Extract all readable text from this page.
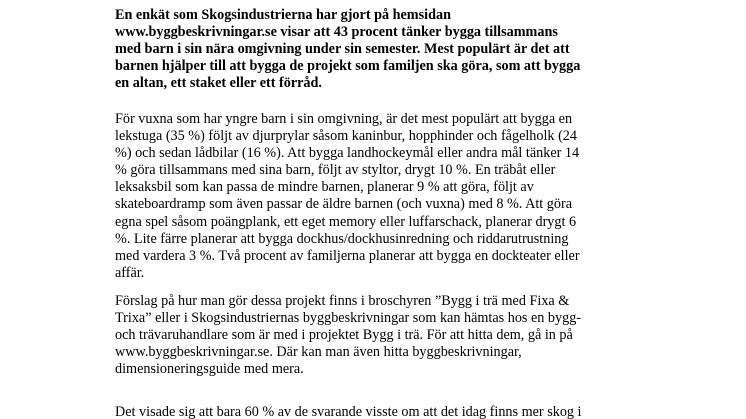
En enkät som Skogsindustrierna har gjort på hemsidan
www.byggbeskrivningar.se visar att 43 procent tänker bygga tillsammans
med barn i sin nära omgivning under sin semester. Mest populärt är det att
barnen hjälper till att bygga de projekt som familjen ska göra, som att bygga
en altan, ett staket eller ett förråd.

För vuxna som har yngre barn i sin omgivning, är det mest populärt att bygga en
lekstuga (35 %) följt av djurprylar såsom kaninbur, hopphinder och fågelholk (24
%) och sedan lådbilar (16 %). Att bygga landhockeymål eller andra mål tänker 14
% göra tillsammans med sina barn, följt av styltor, drygt 10 %. En träbåt eller
leksaksbil som kan passa de mindre barnen, planerar 9 % att göra, följt av
skateboardramp som även passar de äldre barnen (och vuxna) med 8 %. Att göra
egna spel såsom poängplank, ett eget memory eller luffarschack, planerar drygt 6
%. Lite färre planerar att bygga dockhus/dockhusinredning och riddarutrustning
med vardera 3 %. Två procent av familjerna planerar att bygga en dockteater eller
affär.

Förslag på hur man gör dessa projekt finns i broschyren ”Bygg i trä med Fixa &
Trixa” eller i Skogsindustriernas byggbeskrivningar som kan hämtas hos en bygg-
och trävaruhandlare som är med i projektet Bygg i trä. För att hitta dem, gå in på
www.byggbeskrivningar.se. Där kan man även hitta byggbeskrivningar,
dimensioneringsguide med mera.

Det visade sig att bara 60 % av de svarande visste om att det idag finns mer skog i
